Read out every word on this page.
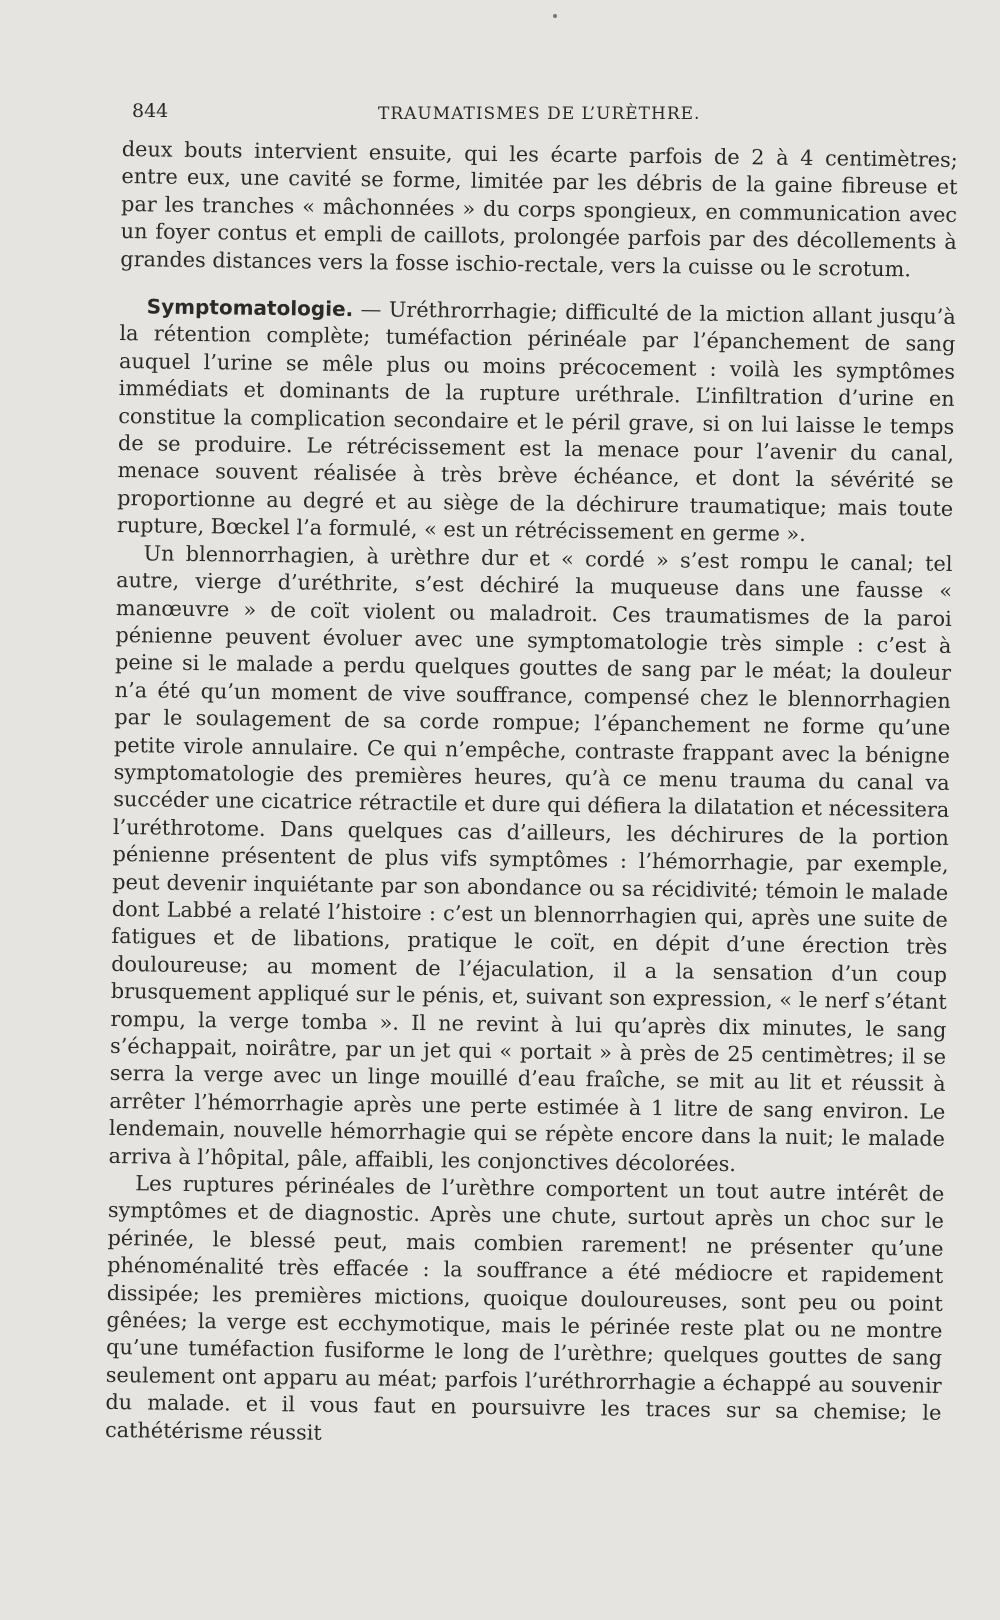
844	TRAUMATISMES DE L’URÈTHRE.

deux bouts intervient ensuite, qui les écarte parfois de 2 à 4 centimètres; entre eux, une cavité se forme, limitée par les débris de la gaine fibreuse et par les tranches « mâchonnées » du corps spongieux, en communication avec un foyer contus et empli de caillots, prolongée parfois par des décollements à grandes distances vers la fosse ischio-rectale, vers la cuisse ou le scrotum.

Symptomatologie. — Uréthrorrhagie; difficulté de la miction allant jusqu’à la rétention complète; tuméfaction périnéale par l’épanchement de sang auquel l’urine se mêle plus ou moins précocement : voilà les symptômes immédiats et dominants de la rupture uréthrale. L’infiltration d’urine en constitue la complication secondaire et le péril grave, si on lui laisse le temps de se produire. Le rétrécissement est la menace pour l’avenir du canal, menace souvent réalisée à très brève échéance, et dont la sévérité se proportionne au degré et au siège de la déchirure traumatique; mais toute rupture, Bœckel l’a formulé, « est un rétrécissement en germe ».

Un blennorrhagien, à urèthre dur et « cordé » s’est rompu le canal; tel autre, vierge d’uréthrite, s’est déchiré la muqueuse dans une fausse « manœuvre » de coït violent ou maladroit. Ces traumatismes de la paroi pénienne peuvent évoluer avec une symptomatologie très simple : c’est à peine si le malade a perdu quelques gouttes de sang par le méat; la douleur n’a été qu’un moment de vive souffrance, compensé chez le blennorrhagien par le soulagement de sa corde rompue; l’épanchement ne forme qu’une petite virole annulaire. Ce qui n’empêche, contraste frappant avec la bénigne symptomatologie des premières heures, qu’à ce menu trauma du canal va succéder une cicatrice rétractile et dure qui défiera la dilatation et nécessitera l’uréthrotome. Dans quelques cas d’ailleurs, les déchirures de la portion pénienne présentent de plus vifs symptômes : l’hémorrhagie, par exemple, peut devenir inquiétante par son abondance ou sa récidivité; témoin le malade dont Labbé a relaté l’histoire : c’est un blennorrhagien qui, après une suite de fatigues et de libations, pratique le coït, en dépit d’une érection très douloureuse; au moment de l’éjaculation, il a la sensation d’un coup brusquement appliqué sur le pénis, et, suivant son expression, « le nerf s’étant rompu, la verge tomba ». Il ne revint à lui qu’après dix minutes, le sang s’échappait, noirâtre, par un jet qui « portait » à près de 25 centimètres; il se serra la verge avec un linge mouillé d’eau fraîche, se mit au lit et réussit à arrêter l’hémorrhagie après une perte estimée à 1 litre de sang environ. Le lendemain, nouvelle hémorrhagie qui se répète encore dans la nuit; le malade arriva à l’hôpital, pâle, affaibli, les conjonctives décolorées.

Les ruptures périnéales de l’urèthre comportent un tout autre intérêt de symptômes et de diagnostic. Après une chute, surtout après un choc sur le périnée, le blessé peut, mais combien rarement! ne présenter qu’une phénoménalité très effacée : la souffrance a été médiocre et rapidement dissipée; les premières mictions, quoique douloureuses, sont peu ou point gênées; la verge est ecchymotique, mais le périnée reste plat ou ne montre qu’une tuméfaction fusiforme le long de l’urèthre; quelques gouttes de sang seulement ont apparu au méat; parfois l’uréthrorrhagie a échappé au souvenir du malade. et il vous faut en poursuivre les traces sur sa chemise; le cathétérisme réussit
